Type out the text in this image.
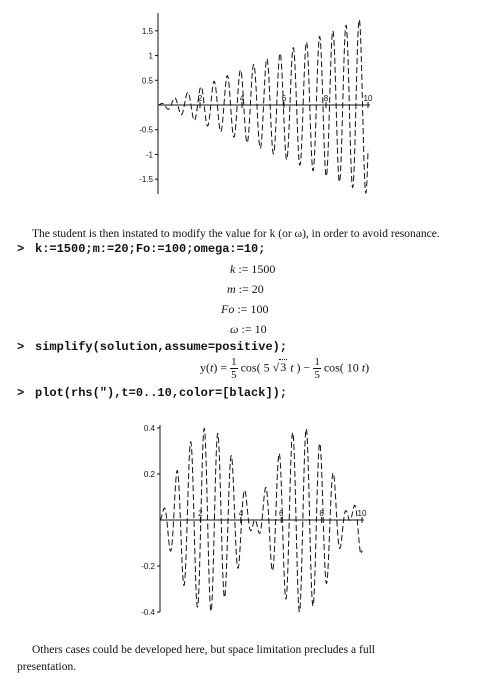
2	4	6	8	10
1.5
1
0.5
-0.5
-1
-1.5
The student is then instated to modify the value for k (or ω), in order to avoid resonance.
> k:=1500;m:=20;Fo:=100;omega:=10;
k := 1500
m := 20
Fo := 100
ω := 10
> simplify(solution,assume=positive);
$y(t) = \frac{1}{5} \cos$( 5 √3 t ) − $\frac{1}{5} \cos$( 10 t)
> plot(rhs("),t=0..10,color=[black]);
2	4	6	8	10
0.4
0.2
-0.2
-0.4
Others cases could be developed here, but space limitation precludes a full
presentation.
